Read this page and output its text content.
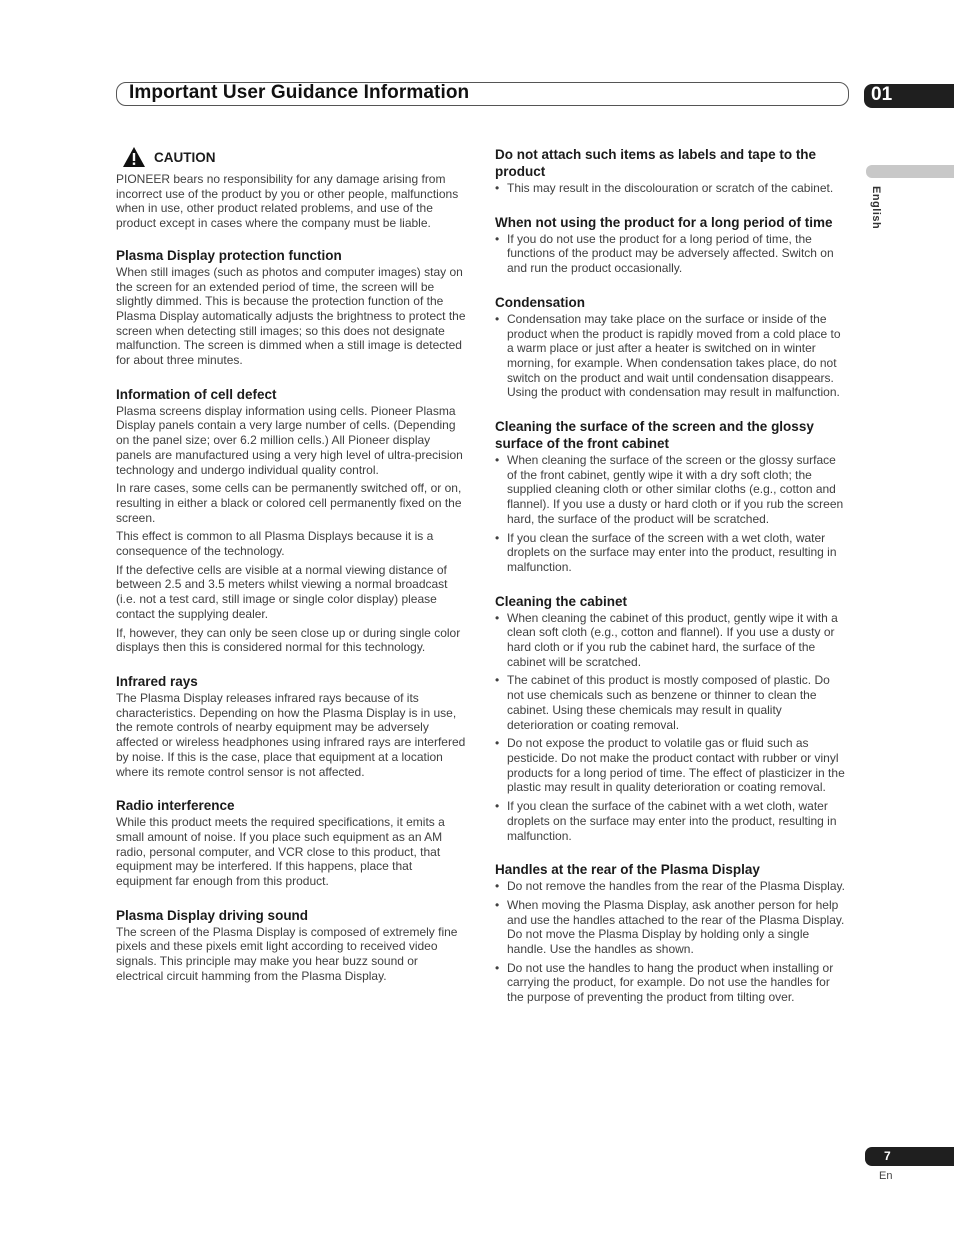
Important User Guidance Information	01
English
CAUTION

PIONEER bears no responsibility for any damage arising from incorrect use of the product by you or other people, malfunctions when in use, other product related problems, and use of the product except in cases where the company must be liable.

Plasma Display protection function

When still images (such as photos and computer images) stay on the screen for an extended period of time, the screen will be slightly dimmed. This is because the protection function of the Plasma Display automatically adjusts the brightness to protect the screen when detecting still images; so this does not designate malfunction. The screen is dimmed when a still image is detected for about three minutes.

Information of cell defect

Plasma screens display information using cells. Pioneer Plasma Display panels contain a very large number of cells. (Depending on the panel size; over 6.2 million cells.) All Pioneer display panels are manufactured using a very high level of ultra-precision technology and undergo individual quality control.

In rare cases, some cells can be permanently switched off, or on, resulting in either a black or colored cell permanently fixed on the screen.

This effect is common to all Plasma Displays because it is a consequence of the technology.

If the defective cells are visible at a normal viewing distance of between 2.5 and 3.5 meters whilst viewing a normal broadcast (i.e. not a test card, still image or single color display) please contact the supplying dealer.

If, however, they can only be seen close up or during single color displays then this is considered normal for this technology.

Infrared rays

The Plasma Display releases infrared rays because of its characteristics. Depending on how the Plasma Display is in use, the remote controls of nearby equipment may be adversely affected or wireless headphones using infrared rays are interfered by noise. If this is the case, place that equipment at a location where its remote control sensor is not affected.

Radio interference

While this product meets the required specifications, it emits a small amount of noise. If you place such equipment as an AM radio, personal computer, and VCR close to this product, that equipment may be interfered. If this happens, place that equipment far enough from this product.

Plasma Display driving sound

The screen of the Plasma Display is composed of extremely fine pixels and these pixels emit light according to received video signals. This principle may make you hear buzz sound or electrical circuit hamming from the Plasma Display.

Do not attach such items as labels and tape to the product
• This may result in the discolouration or scratch of the cabinet.
When not using the product for a long period of time
• If you do not use the product for a long period of time, the functions of the product may be adversely affected. Switch on and run the product occasionally.
Condensation
• Condensation may take place on the surface or inside of the product when the product is rapidly moved from a cold place to a warm place or just after a heater is switched on in winter morning, for example. When condensation takes place, do not switch on the product and wait until condensation disappears. Using the product with condensation may result in malfunction.
Cleaning the surface of the screen and the glossy surface of the front cabinet
• When cleaning the surface of the screen or the glossy surface of the front cabinet, gently wipe it with a dry soft cloth; the supplied cleaning cloth or other similar cloths (e.g., cotton and flannel). If you use a dusty or hard cloth or if you rub the screen hard, the surface of the product will be scratched.
• If you clean the surface of the screen with a wet cloth, water droplets on the surface may enter into the product, resulting in malfunction.
Cleaning the cabinet
• When cleaning the cabinet of this product, gently wipe it with a clean soft cloth (e.g., cotton and flannel). If you use a dusty or hard cloth or if you rub the cabinet hard, the surface of the cabinet will be scratched.
• The cabinet of this product is mostly composed of plastic. Do not use chemicals such as benzene or thinner to clean the cabinet. Using these chemicals may result in quality deterioration or coating removal.
• Do not expose the product to volatile gas or fluid such as pesticide. Do not make the product contact with rubber or vinyl products for a long period of time. The effect of plasticizer in the plastic may result in quality deterioration or coating removal.
• If you clean the surface of the cabinet with a wet cloth, water droplets on the surface may enter into the product, resulting in malfunction.
Handles at the rear of the Plasma Display
• Do not remove the handles from the rear of the Plasma Display.
• When moving the Plasma Display, ask another person for help and use the handles attached to the rear of the Plasma Display. Do not move the Plasma Display by holding only a single handle. Use the handles as shown.
• Do not use the handles to hang the product when installing or carrying the product, for example. Do not use the handles for the purpose of preventing the product from tilting over.
7
En
